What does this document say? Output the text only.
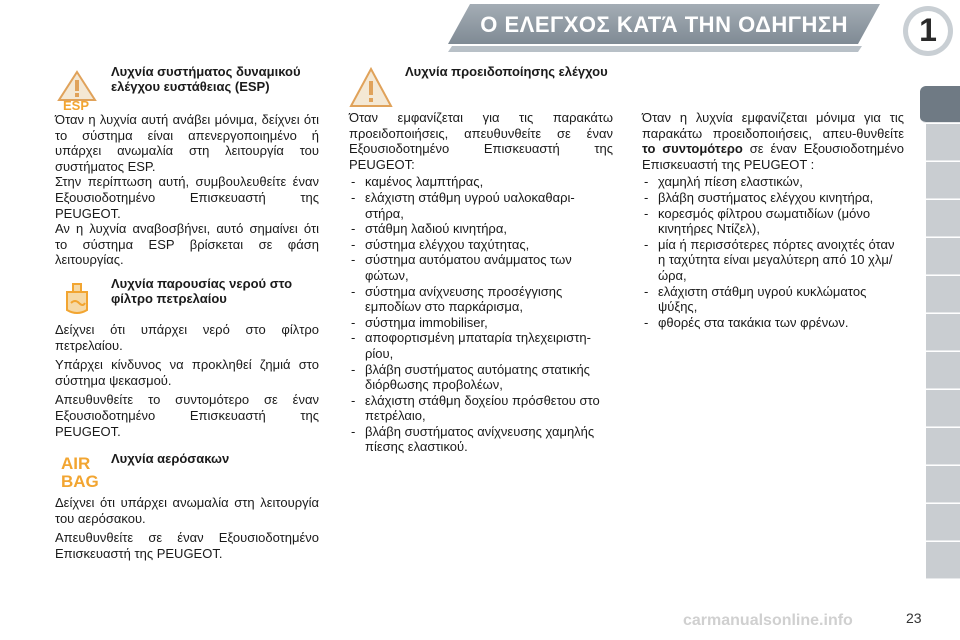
Ο ΕΛΕΓΧΟΣ ΚΑΤΆ ΤΗΝ ΟΔΗΓΗΣΗ	1
ESP
Λυχνία συστήματος δυναμικού ελέγχου ευστάθειας (ESP)

Όταν η λυχνία αυτή ανάβει μόνιμα, δείχνει ότι το σύστημα είναι απενεργοποιημένο ή υπάρχει ανωμαλία στη λειτουργία του συστήματος ESP.

Στην περίπτωση αυτή, συμβουλευθείτε έναν Εξουσιοδοτημένο Επισκευαστή της PEUGEOT.

Αν η λυχνία αναβοσβήνει, αυτό σημαίνει ότι το σύστημα ESP βρίσκεται σε φάση λειτουργίας.

Λυχνία παρουσίας νερού στο φίλτρο πετρελαίου

Δείχνει ότι υπάρχει νερό στο φίλτρο πετρελαίου.

Υπάρχει κίνδυνος να προκληθεί ζημιά στο σύστημα ψεκασμού.

Απευθυνθείτε το συντομότερο σε έναν Εξουσιοδοτημένο Επισκευαστή της PEUGEOT.

AIR
BAG
Λυχνία αερόσακων

Δείχνει ότι υπάρχει ανωμαλία στη λειτουργία του αερόσακου.

Απευθυνθείτε σε έναν Εξουσιοδοτημένο Επισκευαστή της PEUGEOT.

Λυχνία προειδοποίησης ελέγχου

Όταν εμφανίζεται για τις παρακάτω προειδοποιήσεις, απευθυνθείτε σε έναν Εξουσιοδοτημένο Επισκευαστή της PEUGEOT:

- καμένος λαμπτήρας,
- ελάχιστη στάθμη υγρού υαλοκαθαρι-στήρα,
- στάθμη λαδιού κινητήρα,
- σύστημα ελέγχου ταχύτητας,
- σύστημα αυτόματου ανάμματος των φώτων,
- σύστημα ανίχνευσης προσέγγισης εμποδίων στο παρκάρισμα,
- σύστημα immobiliser,
- αποφορτισμένη μπαταρία τηλεχειριστη-ρίου,
- βλάβη συστήματος αυτόματης στατικής διόρθωσης προβολέων,
- ελάχιστη στάθμη δοχείου πρόσθετου στο πετρέλαιο,
- βλάβη συστήματος ανίχνευσης χαμηλής πίεσης ελαστικού.

Όταν η λυχνία εμφανίζεται μόνιμα για τις παρακάτω προειδοποιήσεις, απευ-θυνθείτε το συντομότερο σε έναν Εξουσιοδοτημένο Επισκευαστή της PEUGEOT :

- χαμηλή πίεση ελαστικών,
- βλάβη συστήματος ελέγχου κινητήρα,
- κορεσμός φίλτρου σωματιδίων (μόνο κινητήρες Ντίζελ),
- μία ή περισσότερες πόρτες ανοιχτές όταν η ταχύτητα είναι μεγαλύτερη από 10 χλμ/ώρα,
- ελάχιστη στάθμη υγρού κυκλώματος ψύξης,
- φθορές στα τακάκια των φρένων.
carmanualsonline.info	23
